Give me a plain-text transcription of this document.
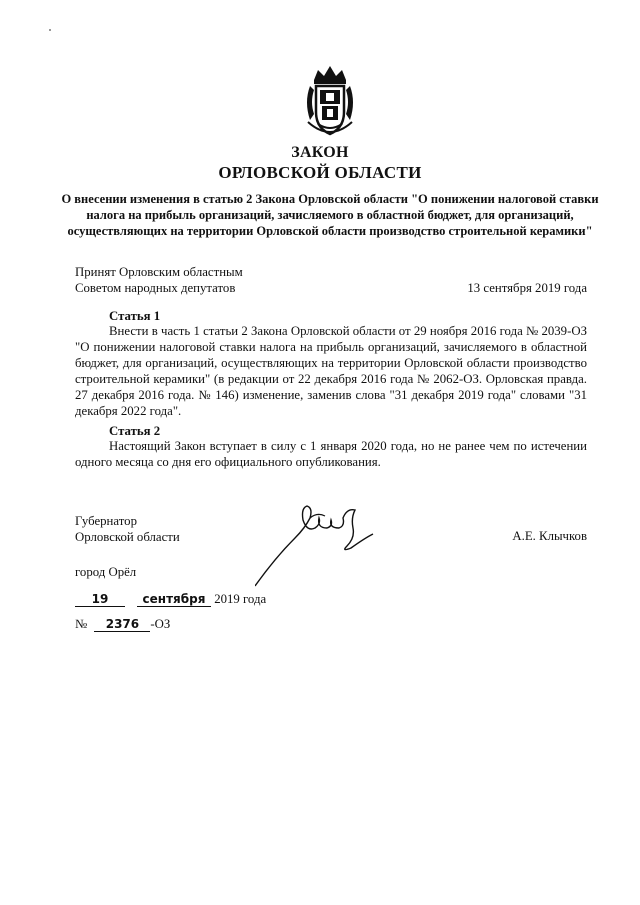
ЗАКОН
ОРЛОВСКОЙ ОБЛАСТИ
О внесении изменения в статью 2 Закона Орловской области "О понижении налоговой ставки налога на прибыль организаций, зачисляемого в областной бюджет, для организаций, осуществляющих на территории Орловской области производство строительной керамики"
Принят Орловским областным
Советом народных депутатов	13 сентября 2019 года
Статья 1
Внести в часть 1 статьи 2 Закона Орловской области от 29 ноября 2016 года № 2039-ОЗ "О понижении налоговой ставки налога на прибыль организаций, зачисляемого в областной бюджет, для организаций, осуществляющих на территории Орловской области производство строительной керамики" (в редакции от 22 декабря 2016 года № 2062-ОЗ. Орловская правда. 27 декабря 2016 года. № 146) изменение, заменив слова "31 декабря 2019 года" словами "31 декабря 2022 года".
Статья 2
Настоящий Закон вступает в силу с 1 января 2020 года, но не ранее чем по истечении одного месяца со дня его официального опубликования.
Губернатор
Орловской области	А.Е. Клычков
город Орёл
19	сентября 2019 года
№ 2376 -ОЗ
